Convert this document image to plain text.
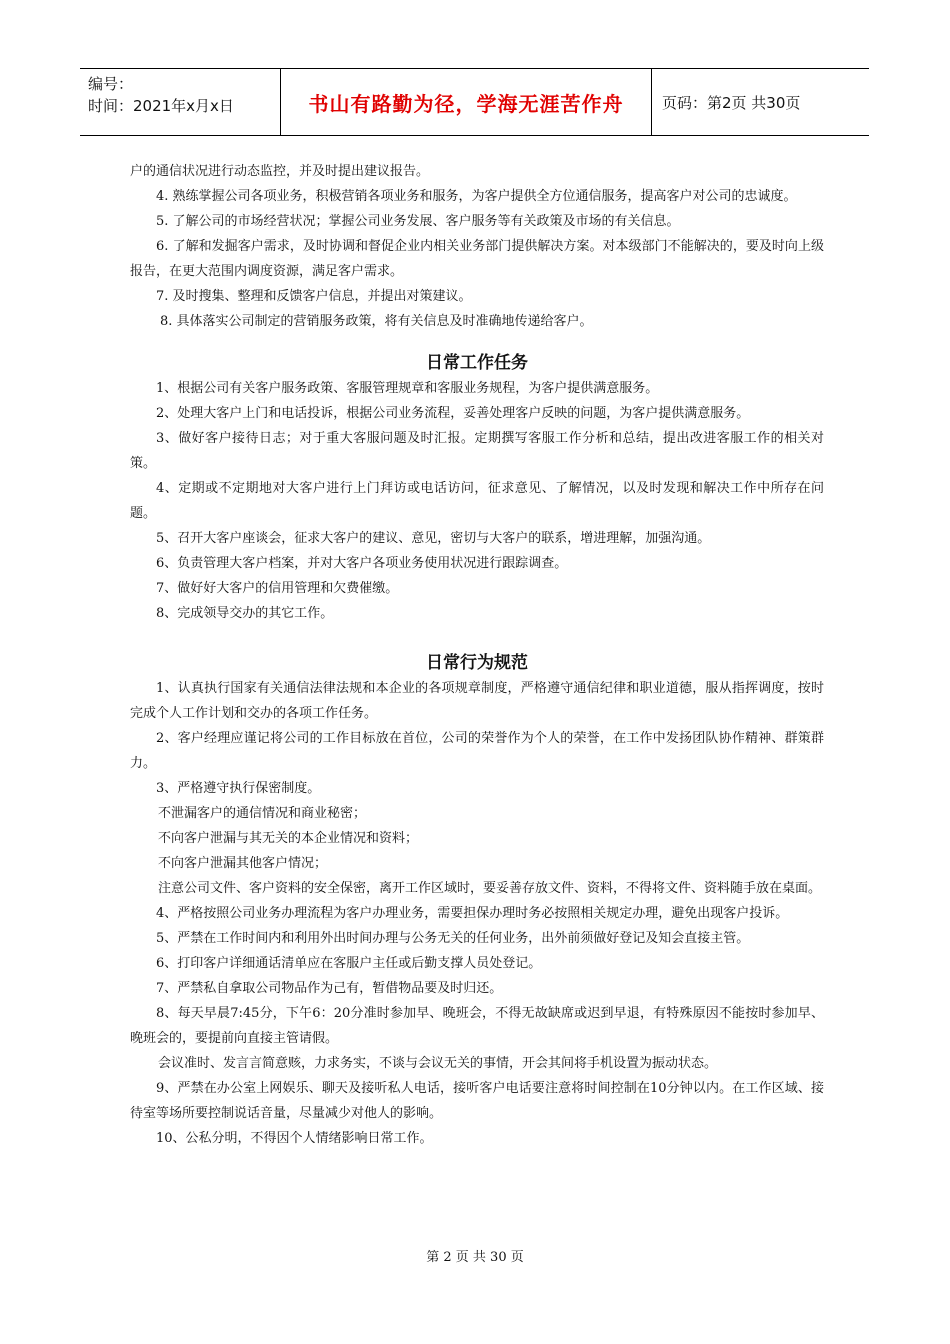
编号：
时间：2021年x月x日	书山有路勤为径，学海无涯苦作舟	页码：第2页 共30页

户的通信状况进行动态监控，并及时提出建议报告。

4. 熟练掌握公司各项业务，积极营销各项业务和服务，为客户提供全方位通信服务，提高客户对公司的忠诚度。

5. 了解公司的市场经营状况；掌握公司业务发展、客户服务等有关政策及市场的有关信息。

6. 了解和发掘客户需求，及时协调和督促企业内相关业务部门提供解决方案。对本级部门不能解决的，要及时向上级报告，在更大范围内调度资源，满足客户需求。

7. 及时搜集、整理和反馈客户信息，并提出对策建议。

8. 具体落实公司制定的营销服务政策，将有关信息及时准确地传递给客户。

日常工作任务

1、根据公司有关客户服务政策、客服管理规章和客服业务规程，为客户提供满意服务。

2、处理大客户上门和电话投诉，根据公司业务流程，妥善处理客户反映的问题，为客户提供满意服务。

3、做好客户接待日志；对于重大客服问题及时汇报。定期撰写客服工作分析和总结，提出改进客服工作的相关对策。

4、定期或不定期地对大客户进行上门拜访或电话访问，征求意见、了解情况，以及时发现和解决工作中所存在问题。

5、召开大客户座谈会，征求大客户的建议、意见，密切与大客户的联系，增进理解，加强沟通。

6、负责管理大客户档案，并对大客户各项业务使用状况进行跟踪调查。

7、做好好大客户的信用管理和欠费催缴。

8、完成领导交办的其它工作。

日常行为规范

1、认真执行国家有关通信法律法规和本企业的各项规章制度，严格遵守通信纪律和职业道德，服从指挥调度，按时完成个人工作计划和交办的各项工作任务。

2、客户经理应谨记将公司的工作目标放在首位，公司的荣誉作为个人的荣誉，在工作中发扬团队协作精神、群策群力。

3、严格遵守执行保密制度。

不泄漏客户的通信情况和商业秘密；

不向客户泄漏与其无关的本企业情况和资料；

不向客户泄漏其他客户情况；

注意公司文件、客户资料的安全保密，离开工作区域时，要妥善存放文件、资料，不得将文件、资料随手放在桌面。

4、严格按照公司业务办理流程为客户办理业务，需要担保办理时务必按照相关规定办理，避免出现客户投诉。

5、严禁在工作时间内和利用外出时间办理与公务无关的任何业务，出外前须做好登记及知会直接主管。

6、打印客户详细通话清单应在客服户主任或后勤支撑人员处登记。

7、严禁私自拿取公司物品作为己有，暂借物品要及时归还。

8、每天早晨7:45分，下午6：20分准时参加早、晚班会，不得无故缺席或迟到早退，有特殊原因不能按时参加早、晚班会的，要提前向直接主管请假。

会议准时、发言言简意赅，力求务实，不谈与会议无关的事情，开会其间将手机设置为振动状态。

9、严禁在办公室上网娱乐、聊天及接听私人电话，接听客户电话要注意将时间控制在10分钟以内。在工作区域、接待室等场所要控制说话音量，尽量减少对他人的影响。

10、公私分明，不得因个人情绪影响日常工作。

第 2 页 共 30 页
